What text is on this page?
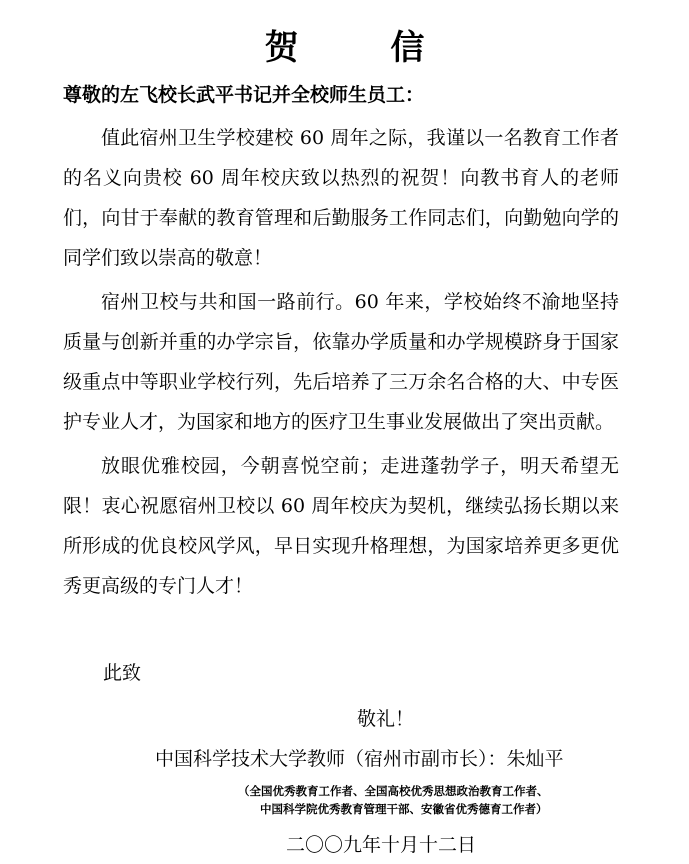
贺 信
尊敬的左飞校长武平书记并全校师生员工：

值此宿州卫生学校建校 60 周年之际，我谨以一名教育工作者的名义向贵校 60 周年校庆致以热烈的祝贺！向教书育人的老师们，向甘于奉献的教育管理和后勤服务工作同志们，向勤勉向学的同学们致以崇高的敬意！

宿州卫校与共和国一路前行。60 年来，学校始终不渝地坚持质量与创新并重的办学宗旨，依靠办学质量和办学规模跻身于国家级重点中等职业学校行列，先后培养了三万余名合格的大、中专医护专业人才，为国家和地方的医疗卫生事业发展做出了突出贡献。

放眼优雅校园，今朝喜悦空前；走进蓬勃学子，明天希望无限！衷心祝愿宿州卫校以 60 周年校庆为契机，继续弘扬长期以来所形成的优良校风学风，早日实现升格理想，为国家培养更多更优秀更高级的专门人才！

此致
敬礼！
中国科学技术大学教师（宿州市副市长）：朱灿平
（全国优秀教育工作者、全国高校优秀思想政治教育工作者、
中国科学院优秀教育管理干部、安徽省优秀德育工作者）
二〇〇九年十月十二日
